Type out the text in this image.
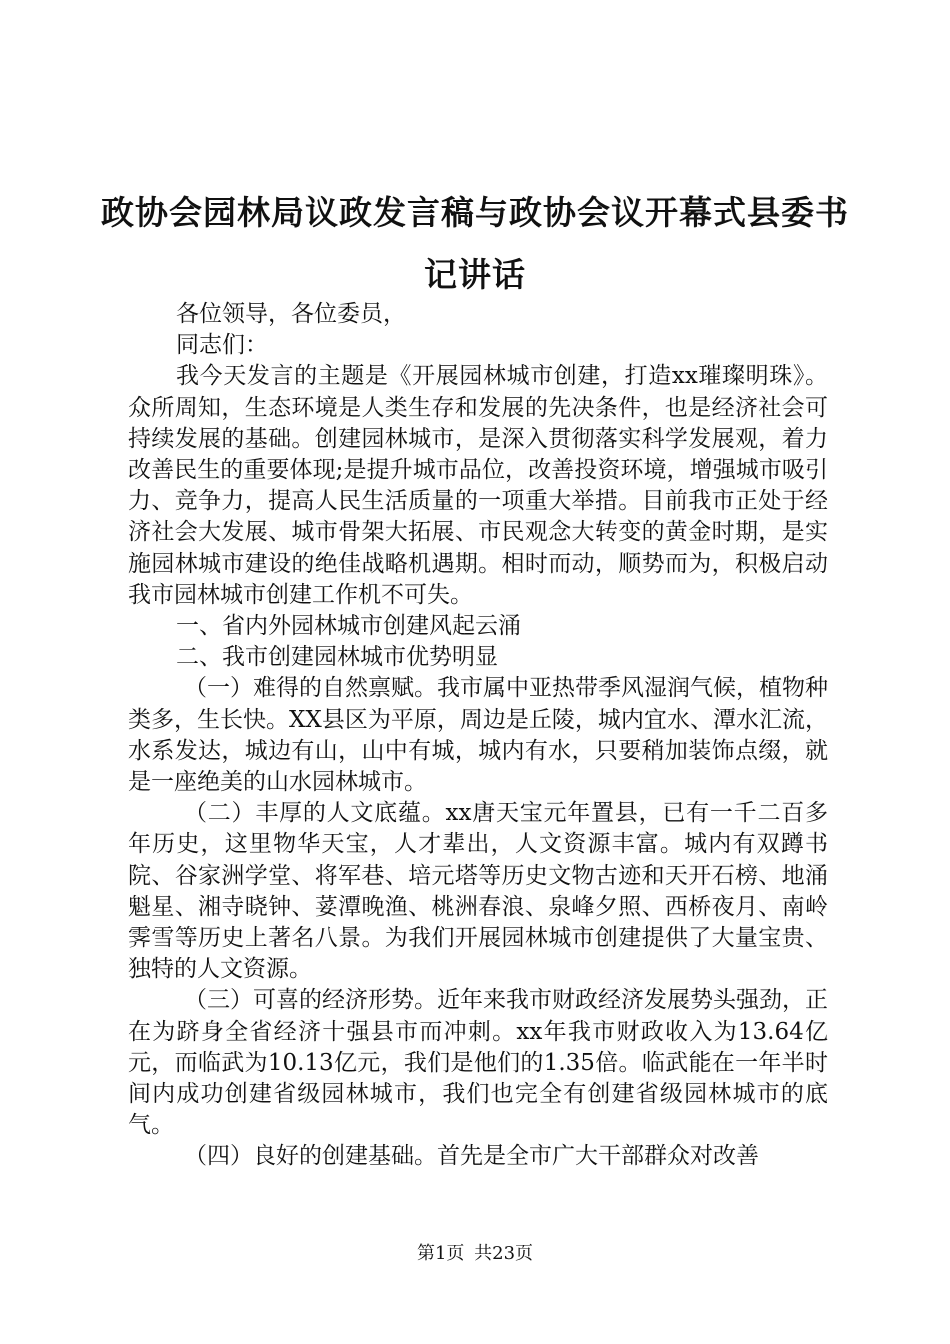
政协会园林局议政发言稿与政协会议开幕式县委书记讲话

各位领导，各位委员，

同志们：

我今天发言的主题是《开展园林城市创建，打造xx璀璨明珠》。众所周知，生态环境是人类生存和发展的先决条件，也是经济社会可持续发展的基础。创建园林城市，是深入贯彻落实科学发展观，着力改善民生的重要体现;是提升城市品位，改善投资环境，增强城市吸引力、竞争力，提高人民生活质量的一项重大举措。目前我市正处于经济社会大发展、城市骨架大拓展、市民观念大转变的黄金时期，是实施园林城市建设的绝佳战略机遇期。相时而动，顺势而为，积极启动我市园林城市创建工作机不可失。

一、省内外园林城市创建风起云涌

二、我市创建园林城市优势明显

（一）难得的自然禀赋。我市属中亚热带季风湿润气候，植物种类多，生长快。XX县区为平原，周边是丘陵，城内宜水、潭水汇流，水系发达，城边有山，山中有城，城内有水，只要稍加装饰点缀，就是一座绝美的山水园林城市。

（二）丰厚的人文底蕴。xx唐天宝元年置县，已有一千二百多年历史，这里物华天宝，人才辈出，人文资源丰富。城内有双蹲书院、谷家洲学堂、将军巷、培元塔等历史文物古迹和天开石榜、地涌魁星、湘寺晓钟、荽潭晚渔、桃洲春浪、泉峰夕照、西桥夜月、南岭霁雪等历史上著名八景。为我们开展园林城市创建提供了大量宝贵、独特的人文资源。

（三）可喜的经济形势。近年来我市财政经济发展势头强劲，正在为跻身全省经济十强县市而冲刺。xx年我市财政收入为13.64亿元，而临武为10.13亿元，我们是他们的1.35倍。临武能在一年半时间内成功创建省级园林城市，我们也完全有创建省级园林城市的底气。

（四）良好的创建基础。首先是全市广大干部群众对改善

第1页 共23页
